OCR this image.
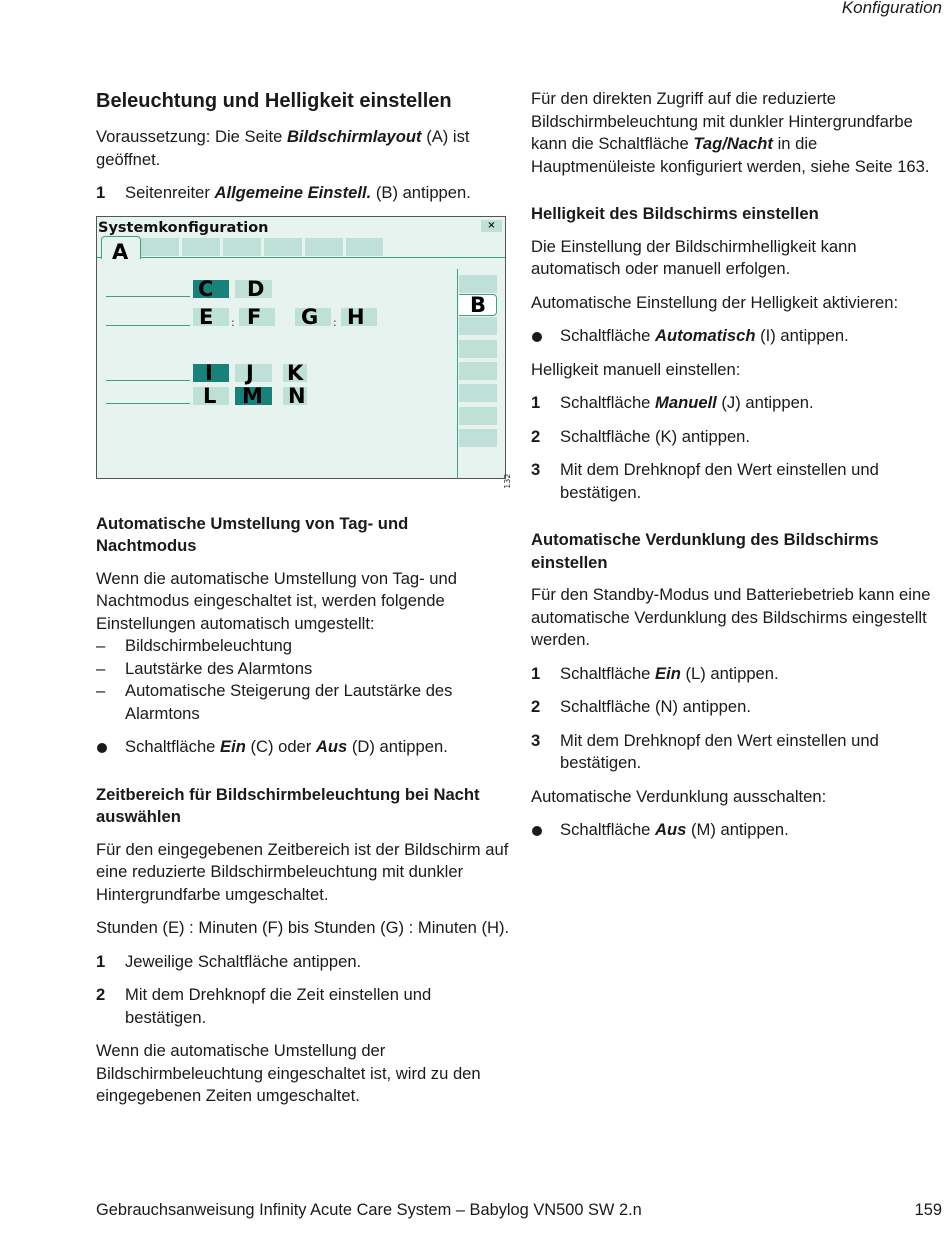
Konfiguration
Beleuchtung und Helligkeit einstellen

Voraussetzung: Die Seite Bildschirmlayout (A) ist geöffnet.

1 Seitenreiter Allgemeine Einstell. (B) antippen.
Systemkonfiguration	×
A
B
C D
:	:
E F G H
I J K
L M N
132
Automatische Umstellung von Tag- und Nachtmodus

Wenn die automatische Umstellung von Tag- und Nachtmodus eingeschaltet ist, werden folgende Einstellungen automatisch umgestellt:

– Bildschirmbeleuchtung
– Lautstärke des Alarmtons
– Automatische Steigerung der Lautstärke des Alarmtons
Schaltfläche Ein (C) oder Aus (D) antippen.
Zeitbereich für Bildschirmbeleuchtung bei Nacht auswählen

Für den eingegebenen Zeitbereich ist der Bildschirm auf eine reduzierte Bildschirmbeleuchtung mit dunkler Hintergrundfarbe umgeschaltet.

Stunden (E) : Minuten (F) bis Stunden (G) : Minuten (H).

1 Jeweilige Schaltfläche antippen.
2 Mit dem Drehknopf die Zeit einstellen und bestätigen.

Wenn die automatische Umstellung der Bildschirmbeleuchtung eingeschaltet ist, wird zu den eingegebenen Zeiten umgeschaltet.

Für den direkten Zugriff auf die reduzierte Bildschirmbeleuchtung mit dunkler Hintergrundfarbe kann die Schaltfläche Tag/Nacht in die Hauptmenüleiste konfiguriert werden, siehe Seite 163.

Helligkeit des Bildschirms einstellen

Die Einstellung der Bildschirmhelligkeit kann automatisch oder manuell erfolgen.

Automatische Einstellung der Helligkeit aktivieren:

Schaltfläche Automatisch (I) antippen.

Helligkeit manuell einstellen:

1 Schaltfläche Manuell (J) antippen.
2 Schaltfläche (K) antippen.
3 Mit dem Drehknopf den Wert einstellen und bestätigen.
Automatische Verdunklung des Bildschirms einstellen

Für den Standby-Modus und Batteriebetrieb kann eine automatische Verdunklung des Bildschirms eingestellt werden.

1 Schaltfläche Ein (L) antippen.
2 Schaltfläche (N) antippen.
3 Mit dem Drehknopf den Wert einstellen und bestätigen.

Automatische Verdunklung ausschalten:

Schaltfläche Aus (M) antippen.
Gebrauchsanweisung Infinity Acute Care System – Babylog VN500 SW 2.n	159
